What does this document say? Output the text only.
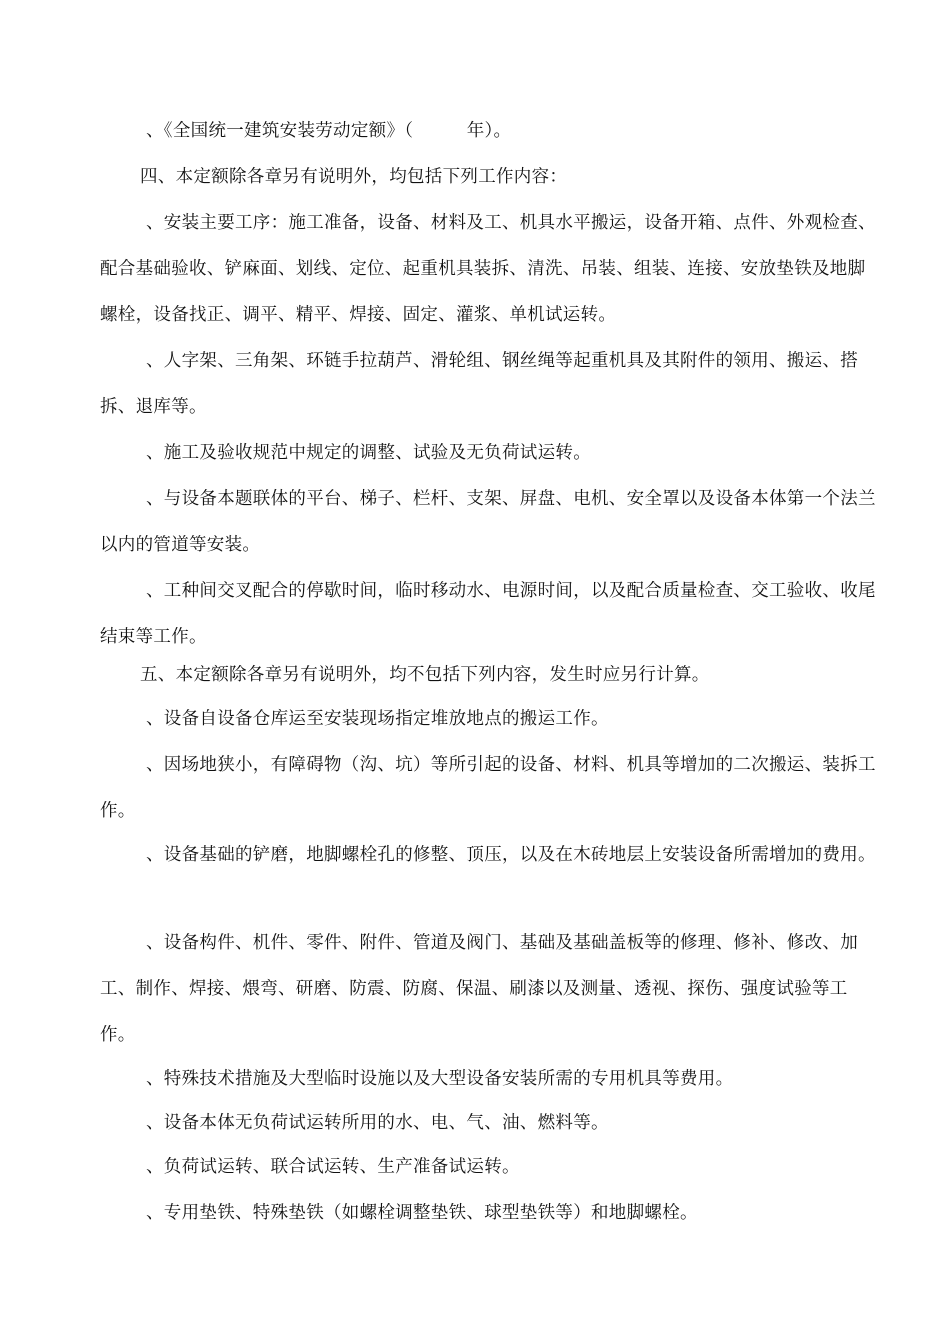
、《全国统一建筑安装劳动定额》（　　　年）。

四、本定额除各章另有说明外，均包括下列工作内容：

、安装主要工序：施工准备，设备、材料及工、机具水平搬运，设备开箱、点件、外观检查、配合基础验收、铲麻面、划线、定位、起重机具装拆、清洗、吊装、组装、连接、安放垫铁及地脚螺栓，设备找正、调平、精平、焊接、固定、灌浆、单机试运转。

、人字架、三角架、环链手拉葫芦、滑轮组、钢丝绳等起重机具及其附件的领用、搬运、搭拆、退库等。

、施工及验收规范中规定的调整、试验及无负荷试运转。

、与设备本题联体的平台、梯子、栏杆、支架、屏盘、电机、安全罩以及设备本体第一个法兰以内的管道等安装。

、工种间交叉配合的停歇时间，临时移动水、电源时间，以及配合质量检查、交工验收、收尾结束等工作。

五、本定额除各章另有说明外，均不包括下列内容，发生时应另行计算。

、设备自设备仓库运至安装现场指定堆放地点的搬运工作。

、因场地狭小，有障碍物（沟、坑）等所引起的设备、材料、机具等增加的二次搬运、装拆工作。

、设备基础的铲磨，地脚螺栓孔的修整、顶压，以及在木砖地层上安装设备所需增加的费用。

、设备构件、机件、零件、附件、管道及阀门、基础及基础盖板等的修理、修补、修改、加工、制作、焊接、煨弯、研磨、防震、防腐、保温、刷漆以及测量、透视、探伤、强度试验等工作。

、特殊技术措施及大型临时设施以及大型设备安装所需的专用机具等费用。

、设备本体无负荷试运转所用的水、电、气、油、燃料等。

、负荷试运转、联合试运转、生产准备试运转。

、专用垫铁、特殊垫铁（如螺栓调整垫铁、球型垫铁等）和地脚螺栓。
